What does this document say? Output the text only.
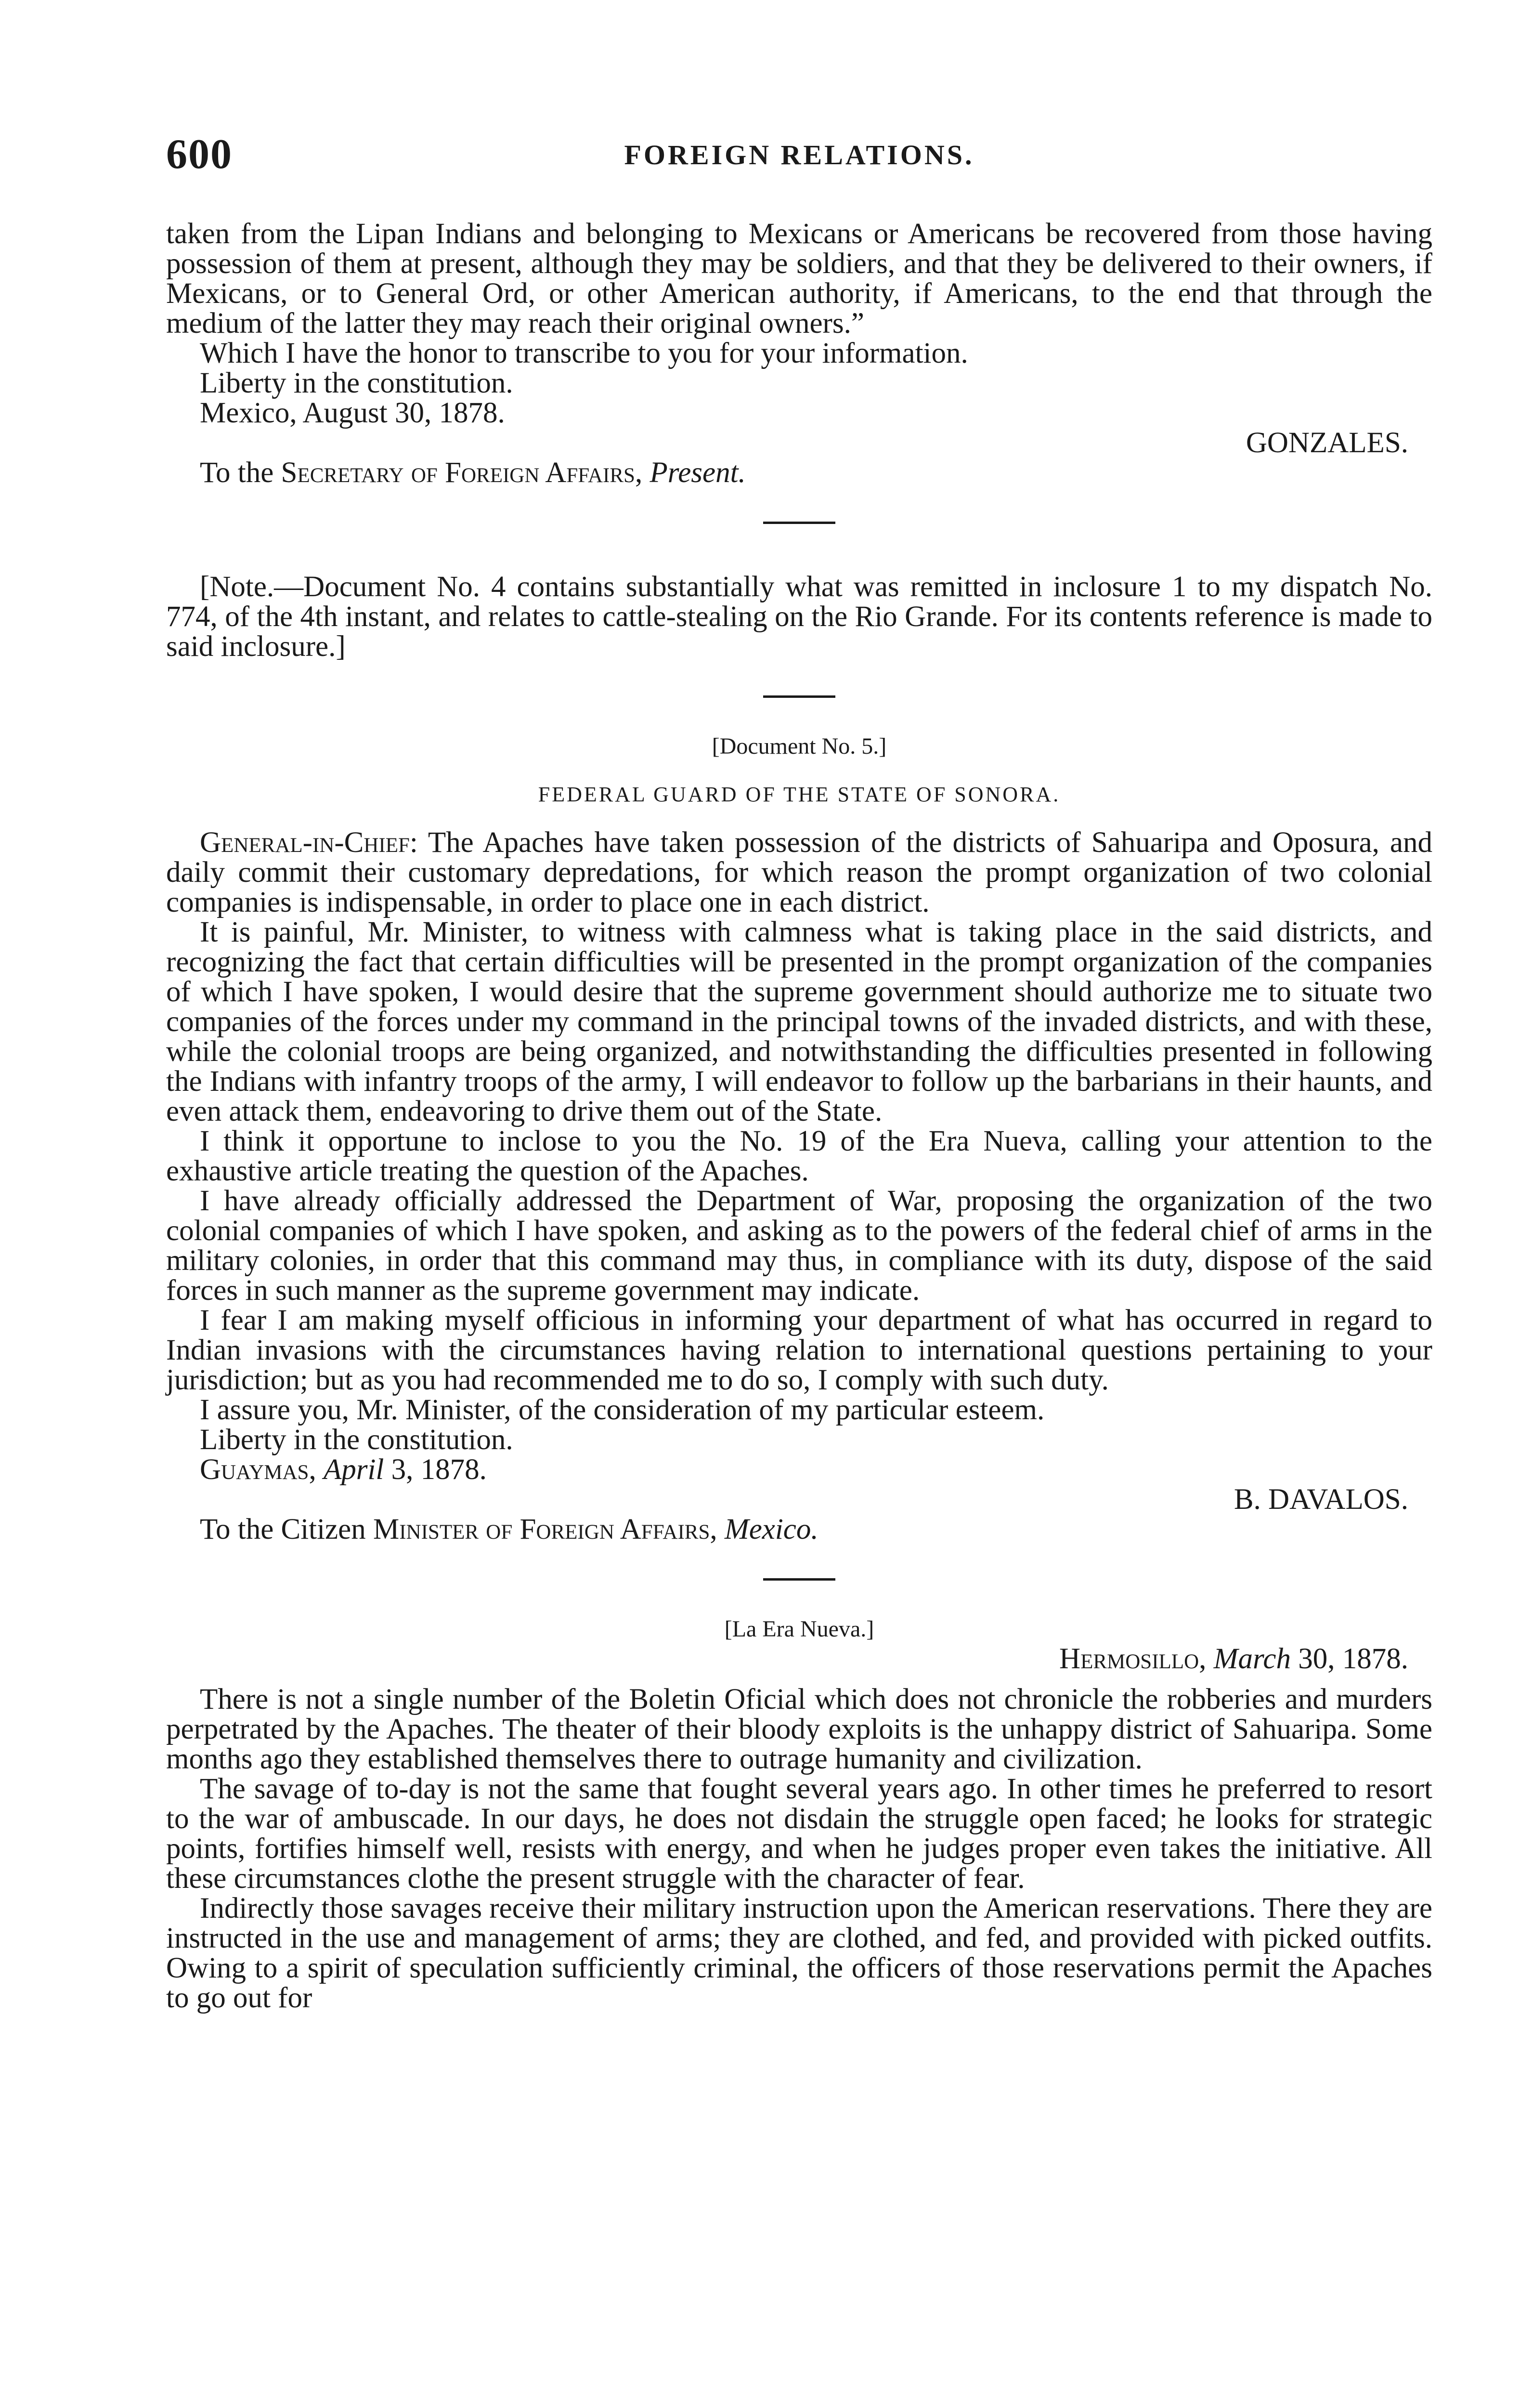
600	FOREIGN RELATIONS.

taken from the Lipan Indians and belonging to Mexicans or Americans be recovered from those having possession of them at present, although they may be soldiers, and that they be delivered to their owners, if Mexicans, or to General Ord, or other American authority, if Americans, to the end that through the medium of the latter they may reach their original owners.”

Which I have the honor to transcribe to you for your information.

Liberty in the constitution.

Mexico, August 30, 1878.

GONZALES.

To the Secretary of Foreign Affairs, Present.

[Note.—Document No. 4 contains substantially what was remitted in inclosure 1 to my dispatch No. 774, of the 4th instant, and relates to cattle-stealing on the Rio Grande. For its contents reference is made to said inclosure.]

[Document No. 5.]

FEDERAL GUARD OF THE STATE OF SONORA.

General-in-Chief: The Apaches have taken possession of the districts of Sahuaripa and Oposura, and daily commit their customary depredations, for which reason the prompt organization of two colonial companies is indispensable, in order to place one in each district.

It is painful, Mr. Minister, to witness with calmness what is taking place in the said districts, and recognizing the fact that certain difficulties will be presented in the prompt organization of the companies of which I have spoken, I would desire that the supreme government should authorize me to situate two companies of the forces under my command in the principal towns of the invaded districts, and with these, while the colonial troops are being organized, and notwithstanding the difficulties presented in following the Indians with infantry troops of the army, I will endeavor to follow up the barbarians in their haunts, and even attack them, endeavoring to drive them out of the State.

I think it opportune to inclose to you the No. 19 of the Era Nueva, calling your attention to the exhaustive article treating the question of the Apaches.

I have already officially addressed the Department of War, proposing the organization of the two colonial companies of which I have spoken, and asking as to the powers of the federal chief of arms in the military colonies, in order that this command may thus, in compliance with its duty, dispose of the said forces in such manner as the supreme government may indicate.

I fear I am making myself officious in informing your department of what has occurred in regard to Indian invasions with the circumstances having relation to international questions pertaining to your jurisdiction; but as you had recommended me to do so, I comply with such duty.

I assure you, Mr. Minister, of the consideration of my particular esteem.

Liberty in the constitution.

Guaymas, April 3, 1878.

B. DAVALOS.

To the Citizen Minister of Foreign Affairs, Mexico.

[La Era Nueva.]

Hermosillo, March 30, 1878.

There is not a single number of the Boletin Oficial which does not chronicle the robberies and murders perpetrated by the Apaches. The theater of their bloody exploits is the unhappy district of Sahuaripa. Some months ago they established themselves there to outrage humanity and civilization.

The savage of to-day is not the same that fought several years ago. In other times he preferred to resort to the war of ambuscade. In our days, he does not disdain the struggle open faced; he looks for strategic points, fortifies himself well, resists with energy, and when he judges proper even takes the initiative. All these circumstances clothe the present struggle with the character of fear.

Indirectly those savages receive their military instruction upon the American reservations. There they are instructed in the use and management of arms; they are clothed, and fed, and provided with picked outfits. Owing to a spirit of speculation sufficiently criminal, the officers of those reservations permit the Apaches to go out for
